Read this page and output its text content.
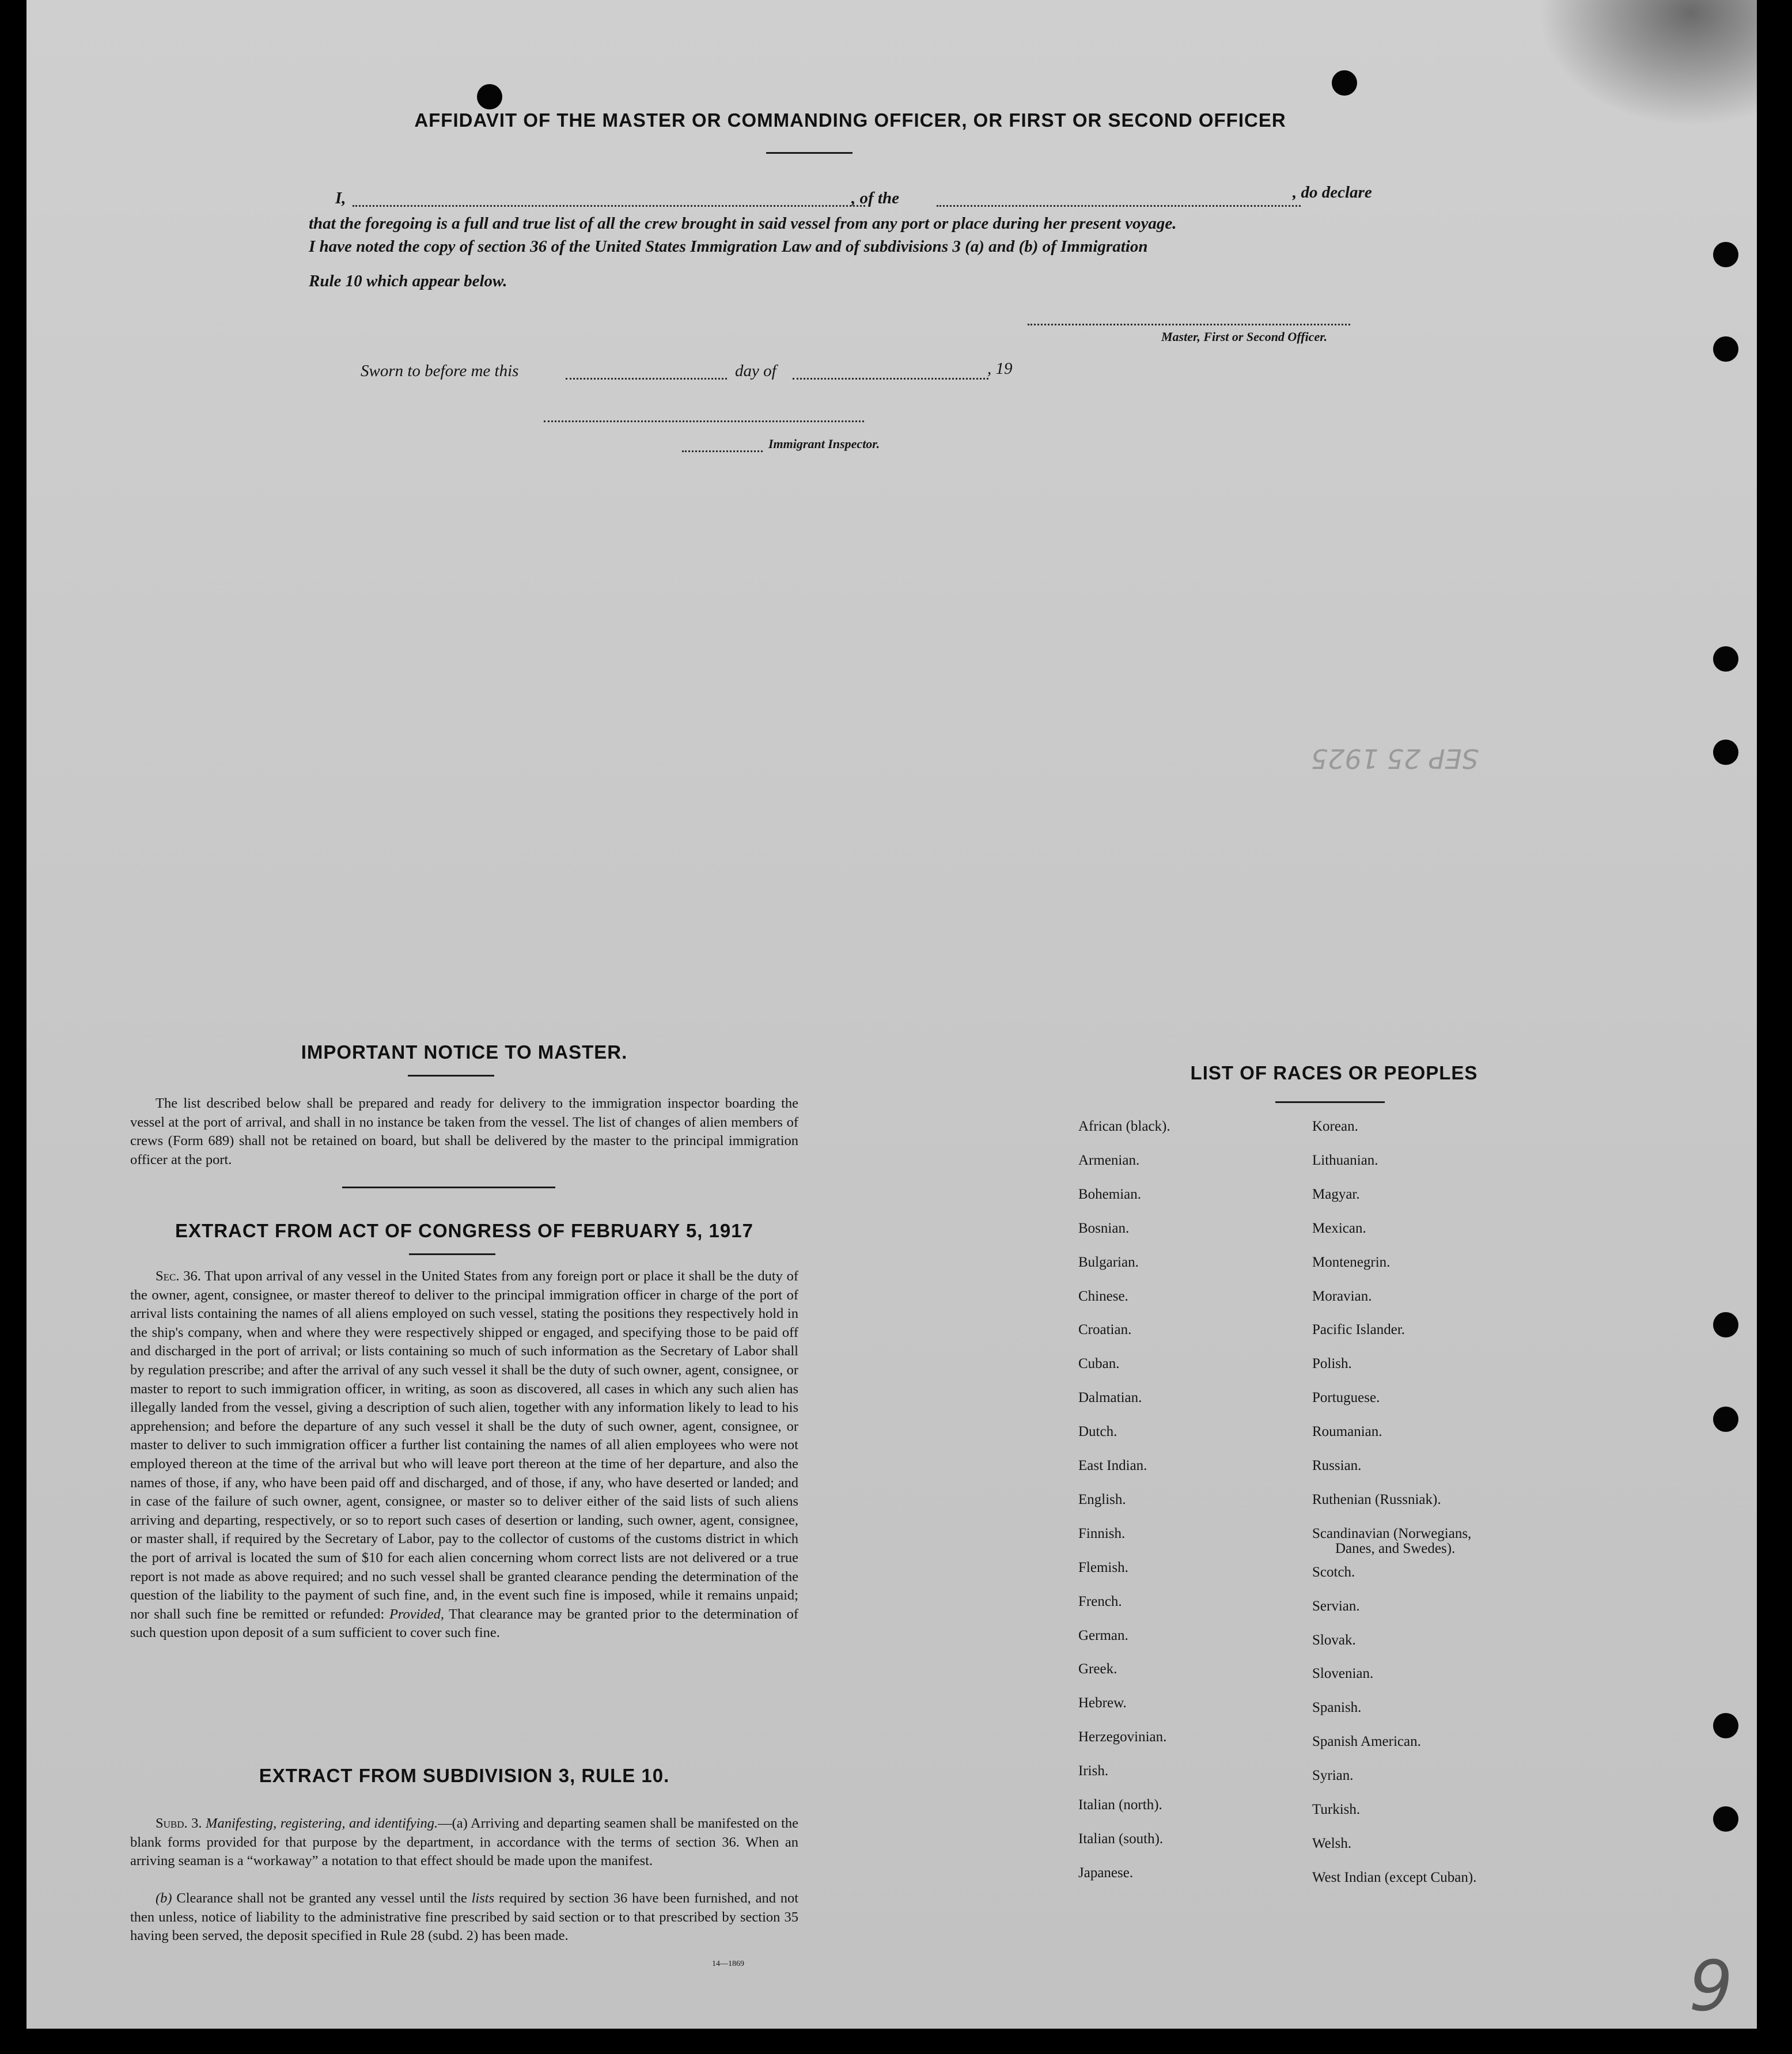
AFFIDAVIT OF THE MASTER OR COMMANDING OFFICER, OR FIRST OR SECOND OFFICER
I,	, of the	, do declare
that the foregoing is a full and true list of all the crew brought in said vessel from any port or place during her present voyage.
I have noted the copy of section 36 of the United States Immigration Law and of subdivisions 3 (a) and (b) of Immigration
Rule 10 which appear below.
Master, First or Second Officer.
Sworn to before me this	day of	, 19
Immigrant Inspector.
SEP 25 1925
IMPORTANT NOTICE TO MASTER.
The list described below shall be prepared and ready for delivery to the immigration inspector boarding the vessel at the port of arrival, and shall in no instance be taken from the vessel. The list of changes of alien members of crews (Form 689) shall not be retained on board, but shall be delivered by the master to the principal immigration officer at the port.
EXTRACT FROM ACT OF CONGRESS OF FEBRUARY 5, 1917
Sec. 36. That upon arrival of any vessel in the United States from any foreign port or place it shall be the duty of the owner, agent, consignee, or master thereof to deliver to the principal immigration officer in charge of the port of arrival lists containing the names of all aliens employed on such vessel, stating the positions they respectively hold in the ship's company, when and where they were respectively shipped or engaged, and specifying those to be paid off and discharged in the port of arrival; or lists containing so much of such information as the Secretary of Labor shall by regulation prescribe; and after the arrival of any such vessel it shall be the duty of such owner, agent, consignee, or master to report to such immigration officer, in writing, as soon as discovered, all cases in which any such alien has illegally landed from the vessel, giving a description of such alien, together with any information likely to lead to his apprehension; and before the departure of any such vessel it shall be the duty of such owner, agent, consignee, or master to deliver to such immigration officer a further list containing the names of all alien employees who were not employed thereon at the time of the arrival but who will leave port thereon at the time of her departure, and also the names of those, if any, who have been paid off and discharged, and of those, if any, who have deserted or landed; and in case of the failure of such owner, agent, consignee, or master so to deliver either of the said lists of such aliens arriving and departing, respectively, or so to report such cases of desertion or landing, such owner, agent, consignee, or master shall, if required by the Secretary of Labor, pay to the collector of customs of the customs district in which the port of arrival is located the sum of $10 for each alien concerning whom correct lists are not delivered or a true report is not made as above required; and no such vessel shall be granted clearance pending the determination of the question of the liability to the payment of such fine, and, in the event such fine is imposed, while it remains unpaid; nor shall such fine be remitted or refunded: Provided, That clearance may be granted prior to the determination of such question upon deposit of a sum sufficient to cover such fine.
EXTRACT FROM SUBDIVISION 3, RULE 10.
Subd. 3. Manifesting, registering, and identifying.—(a) Arriving and departing seamen shall be manifested on the blank forms provided for that purpose by the department, in accordance with the terms of section 36. When an arriving seaman is a “workaway” a notation to that effect should be made upon the manifest.
(b) Clearance shall not be granted any vessel until the lists required by section 36 have been furnished, and not then unless, notice of liability to the administrative fine prescribed by said section or to that prescribed by section 35 having been served, the deposit specified in Rule 28 (subd. 2) has been made.
14—1869
LIST OF RACES OR PEOPLES
African (black).
Armenian.
Bohemian.
Bosnian.
Bulgarian.
Chinese.
Croatian.
Cuban.
Dalmatian.
Dutch.
East Indian.
English.
Finnish.
Flemish.
French.
German.
Greek.
Hebrew.
Herzegovinian.
Irish.
Italian (north).
Italian (south).
Japanese.
Korean.
Lithuanian.
Magyar.
Mexican.
Montenegrin.
Moravian.
Pacific Islander.
Polish.
Portuguese.
Roumanian.
Russian.
Ruthenian (Russniak).
Scandinavian (Norwegians,
Scotch.
Servian.
Slovak.
Slovenian.
Spanish.
Spanish American.
Syrian.
Turkish.
Welsh.
West Indian (except Cuban).
Danes, and Swedes).
9
